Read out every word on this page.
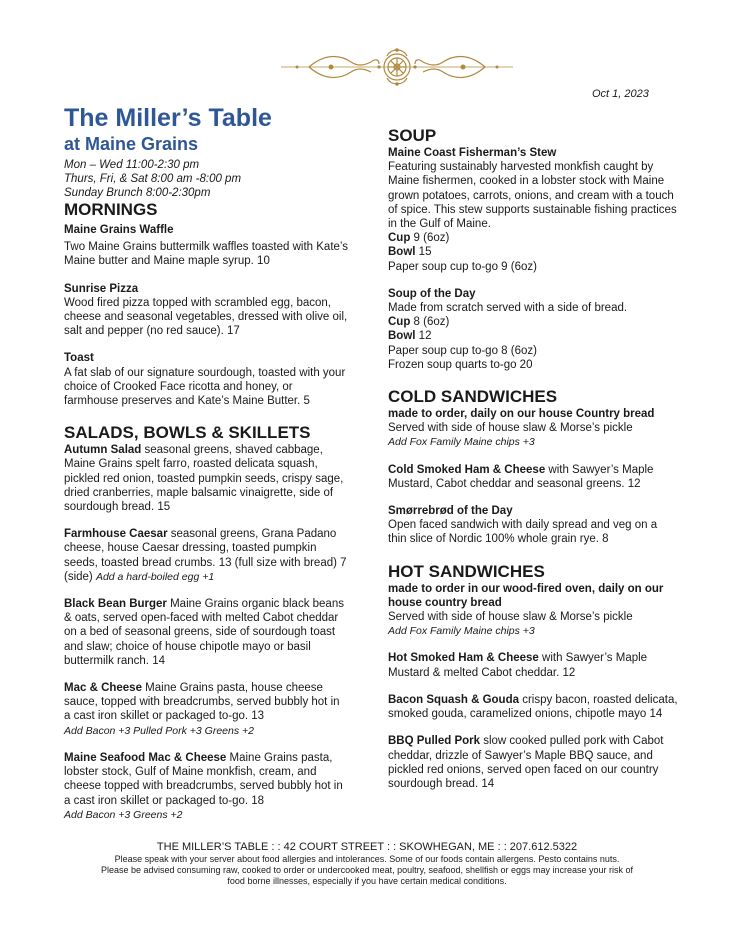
Oct 1, 2023
The Miller’s Table
at Maine Grains
Mon – Wed 11:00-2:30 pm
Thurs, Fri, & Sat 8:00 am -8:00 pm
Sunday Brunch 8:00-2:30pm
MORNINGS
Maine Grains Waffle
Two Maine Grains buttermilk waffles toasted with Kate’s Maine butter and Maine maple syrup. 10
Sunrise Pizza
Wood fired pizza topped with scrambled egg, bacon, cheese and seasonal vegetables, dressed with olive oil, salt and pepper (no red sauce). 17
Toast
A fat slab of our signature sourdough, toasted with your choice of Crooked Face ricotta and honey, or farmhouse preserves and Kate’s Maine Butter. 5
SALADS, BOWLS & SKILLETS
Autumn Salad seasonal greens, shaved cabbage, Maine Grains spelt farro, roasted delicata squash, pickled red onion, toasted pumpkin seeds, crispy sage, dried cranberries, maple balsamic vinaigrette, side of sourdough bread. 15
Farmhouse Caesar seasonal greens, Grana Padano cheese, house Caesar dressing, toasted pumpkin seeds, toasted bread crumbs. 13 (full size with bread) 7 (side) Add a hard-boiled egg +1
Black Bean Burger Maine Grains organic black beans & oats, served open-faced with melted Cabot cheddar on a bed of seasonal greens, side of sourdough toast and slaw; choice of house chipotle mayo or basil buttermilk ranch. 14
Mac & Cheese Maine Grains pasta, house cheese sauce, topped with breadcrumbs, served bubbly hot in a cast iron skillet or packaged to-go. 13
Add Bacon +3 Pulled Pork +3 Greens +2
Maine Seafood Mac & Cheese Maine Grains pasta, lobster stock, Gulf of Maine monkfish, cream, and cheese topped with breadcrumbs, served bubbly hot in a cast iron skillet or packaged to-go. 18
Add Bacon +3 Greens +2
SOUP
Maine Coast Fisherman’s Stew
Featuring sustainably harvested monkfish caught by Maine fishermen, cooked in a lobster stock with Maine grown potatoes, carrots, onions, and cream with a touch of spice. This stew supports sustainable fishing practices in the Gulf of Maine.
Cup 9 (6oz)
Bowl 15
Paper soup cup to-go 9 (6oz)
Soup of the Day
Made from scratch served with a side of bread.
Cup 8 (6oz)
Bowl 12
Paper soup cup to-go 8 (6oz)
Frozen soup quarts to-go 20
COLD SANDWICHES
made to order, daily on our house Country bread
Served with side of house slaw & Morse’s pickle
Add Fox Family Maine chips +3
Cold Smoked Ham & Cheese with Sawyer’s Maple Mustard, Cabot cheddar and seasonal greens. 12
Smørrebrød of the Day
Open faced sandwich with daily spread and veg on a thin slice of Nordic 100% whole grain rye. 8
HOT SANDWICHES
made to order in our wood-fired oven, daily on our house country bread
Served with side of house slaw & Morse’s pickle
Add Fox Family Maine chips +3
Hot Smoked Ham & Cheese with Sawyer’s Maple Mustard & melted Cabot cheddar. 12
Bacon Squash & Gouda crispy bacon, roasted delicata, smoked gouda, caramelized onions, chipotle mayo 14
BBQ Pulled Pork slow cooked pulled pork with Cabot cheddar, drizzle of Sawyer’s Maple BBQ sauce, and pickled red onions, served open faced on our country sourdough bread. 14
THE MILLER’S TABLE : : 42 COURT STREET : : SKOWHEGAN, ME : : 207.612.5322
Please speak with your server about food allergies and intolerances. Some of our foods contain allergens. Pesto contains nuts.
Please be advised consuming raw, cooked to order or undercooked meat, poultry, seafood, shellfish or eggs may increase your risk of
food borne illnesses, especially if you have certain medical conditions.
